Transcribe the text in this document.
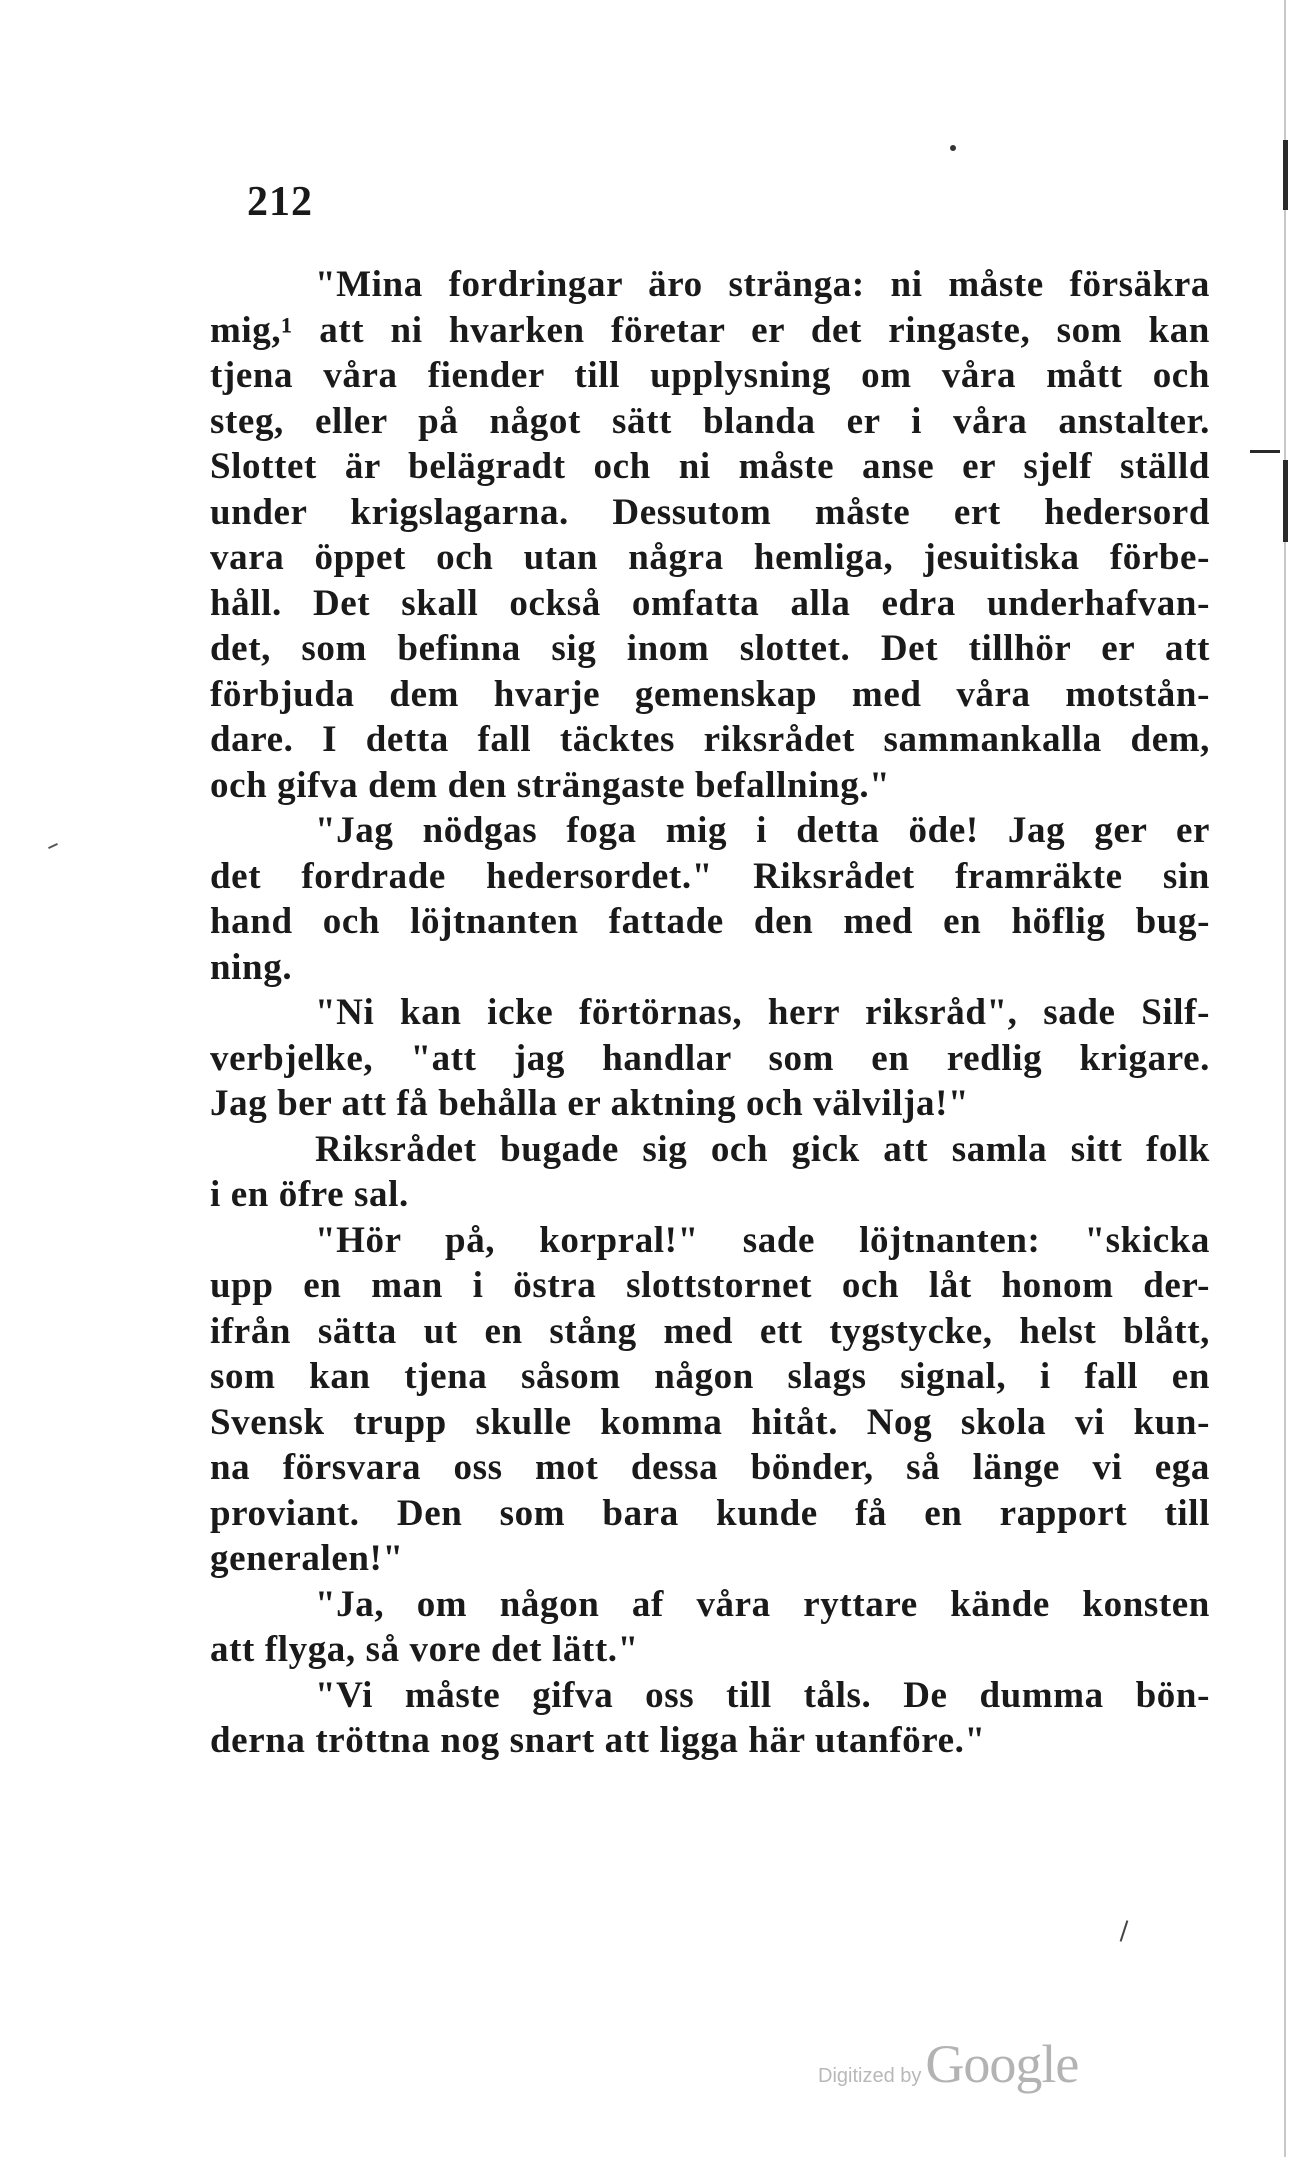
212
"Mina fordringar äro stränga: ni måste försäkra
mig,¹ att ni hvarken företar er det ringaste, som kan
tjena våra fiender till upplysning om våra mått och
steg, eller på något sätt blanda er i våra anstalter.
Slottet är belägradt och ni måste anse er sjelf ställd
under krigslagarna. Dessutom måste ert hedersord
vara öppet och utan några hemliga, jesuitiska förbe-
håll. Det skall också omfatta alla edra underhafvan-
det, som befinna sig inom slottet. Det tillhör er att
förbjuda dem hvarje gemenskap med våra motstån-
dare. I detta fall täcktes riksrådet sammankalla dem,
och gifva dem den strängaste befallning."
"Jag nödgas foga mig i detta öde! Jag ger er
det fordrade hedersordet." Riksrådet framräkte sin
hand och löjtnanten fattade den med en höflig bug-
ning.
"Ni kan icke förtörnas, herr riksråd", sade Silf-
verbjelke, "att jag handlar som en redlig krigare.
Jag ber att få behålla er aktning och välvilja!"
Riksrådet bugade sig och gick att samla sitt folk
i en öfre sal.
"Hör på, korpral!" sade löjtnanten: "skicka
upp en man i östra slottstornet och låt honom der-
ifrån sätta ut en stång med ett tygstycke, helst blått,
som kan tjena såsom någon slags signal, i fall en
Svensk trupp skulle komma hitåt. Nog skola vi kun-
na försvara oss mot dessa bönder, så länge vi ega
proviant. Den som bara kunde få en rapport till
generalen!"
"Ja, om någon af våra ryttare kände konsten
att flyga, så vore det lätt."
"Vi måste gifva oss till tåls. De dumma bön-
derna tröttna nog snart att ligga här utanföre."
Digitized by Google
